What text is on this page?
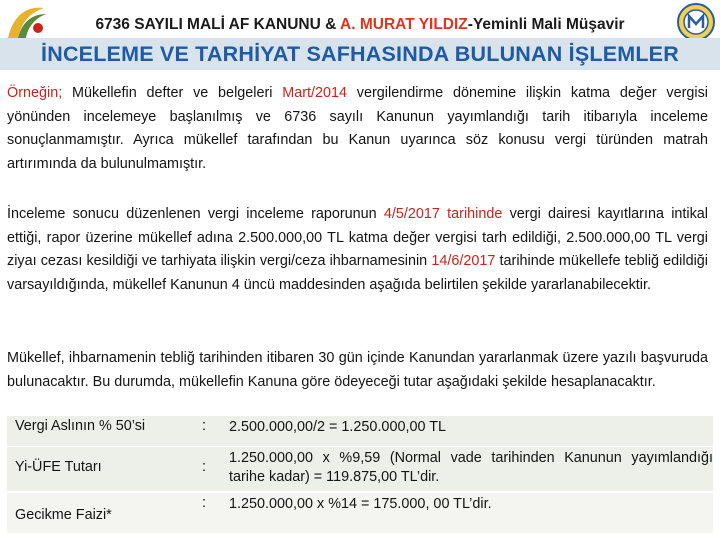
6736 SAYILI MALİ AF KANUNU & A. MURAT YILDIZ-Yeminli Mali Müşavir
İNCELEME VE TARHİYAT SAFHASINDA BULUNAN İŞLEMLER
Örneğin; Mükellefin defter ve belgeleri Mart/2014 vergilendirme dönemine ilişkin katma değer vergisi yönünden incelemeye başlanılmış ve 6736 sayılı Kanunun yayımlandığı tarih itibarıyla inceleme sonuçlanmamıştır. Ayrıca mükellef tarafından bu Kanun uyarınca söz konusu vergi türünden matrah artırımında da bulunulmamıştır.
İnceleme sonucu düzenlenen vergi inceleme raporunun 4/5/2017 tarihinde vergi dairesi kayıtlarına intikal ettiği, rapor üzerine mükellef adına 2.500.000,00 TL katma değer vergisi tarh edildiği, 2.500.000,00 TL vergi ziyaı cezası kesildiği ve tarhiyata ilişkin vergi/ceza ihbarnamesinin 14/6/2017 tarihinde mükellefe tebliğ edildiği varsayıldığında, mükellef Kanunun 4 üncü maddesinden aşağıda belirtilen şekilde yararlanabilecektir.
Mükellef, ihbarnamenin tebliğ tarihinden itibaren 30 gün içinde Kanundan yararlanmak üzere yazılı başvuruda bulunacaktır. Bu durumda, mükellefin Kanuna göre ödeyeceği tutar aşağıdaki şekilde hesaplanacaktır.
Vergi Aslının % 50’si	: 2.500.000,00/2 = 1.250.000,00 TL
Yi-ÜFE Tutarı	:
1.250.000,00 x %9,59 (Normal vade tarihinden Kanunun yayımlandığı tarihe kadar) = 119.875,00 TL’dir.
Gecikme Faizi*
: 1.250.000,00 x %14 = 175.000, 00 TL’dir.
